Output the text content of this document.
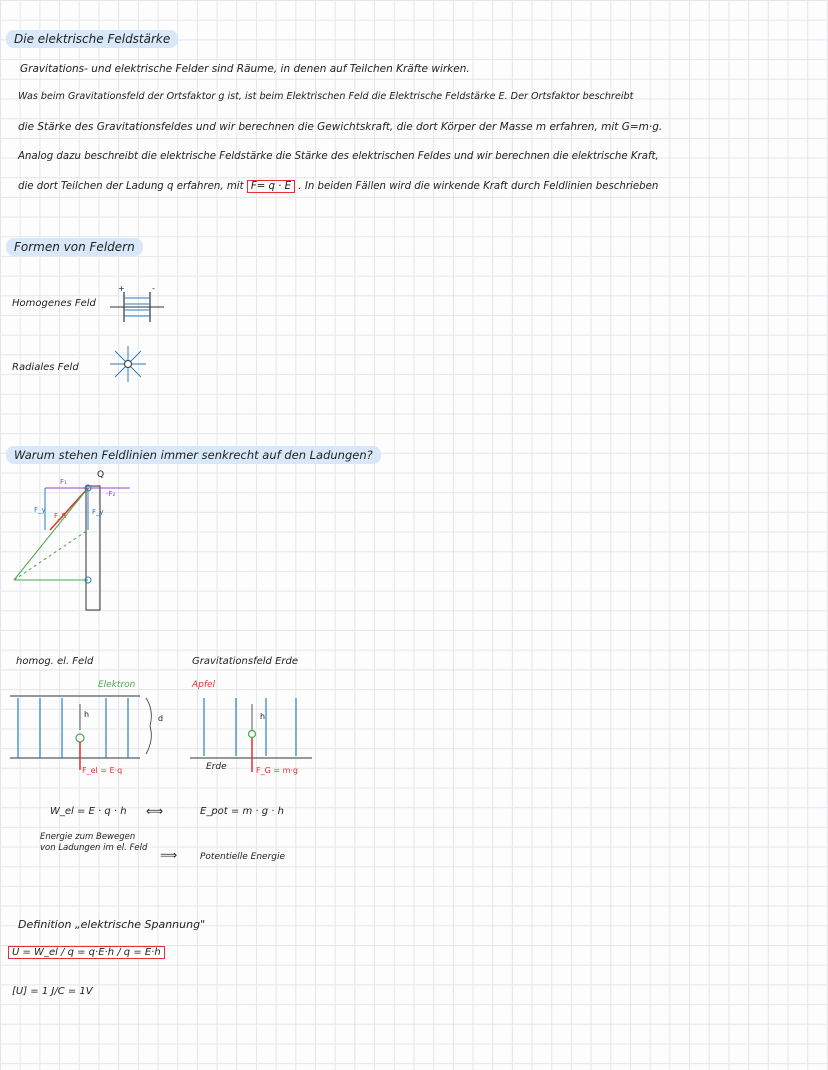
Die elektrische Feldstärke
Gravitations- und elektrische Felder sind Räume, in denen auf Teilchen Kräfte wirken.
Was beim Gravitationsfeld der Ortsfaktor g ist, ist beim Elektrischen Feld die Elektrische Feldstärke E. Der Ortsfaktor beschreibt
die Stärke des Gravitationsfeldes und wir berechnen die Gewichtskraft, die dort Körper der Masse m erfahren, mit G=m·g.
Analog dazu beschreibt die elektrische Feldstärke die Stärke des elektrischen Feldes und wir berechnen die elektrische Kraft,
die dort Teilchen der Ladung q erfahren, mit F= q · E . In beiden Fällen wird die wirkende Kraft durch Feldlinien beschrieben
Formen von Feldern
Homogenes Feld
+	-
Radiales Feld
Warum stehen Feldlinien immer senkrecht auf den Ladungen?
Q
F₁
-F₂
F_y
F_R	F_y
homog. el. Feld
Elektron
h	d
F_el = E·q
Gravitationsfeld Erde
Apfel
h
Erde	F_G = m·g
W_el = E · q · h ⟺	E_pot = m · g · h
Energie zum Bewegen von Ladungen im el. Feld ⟹	Potentielle Energie
Definition „elektrische Spannung"
U = W_el / q = q·E·h / q = E·h
[U] = 1 J/C = 1V
